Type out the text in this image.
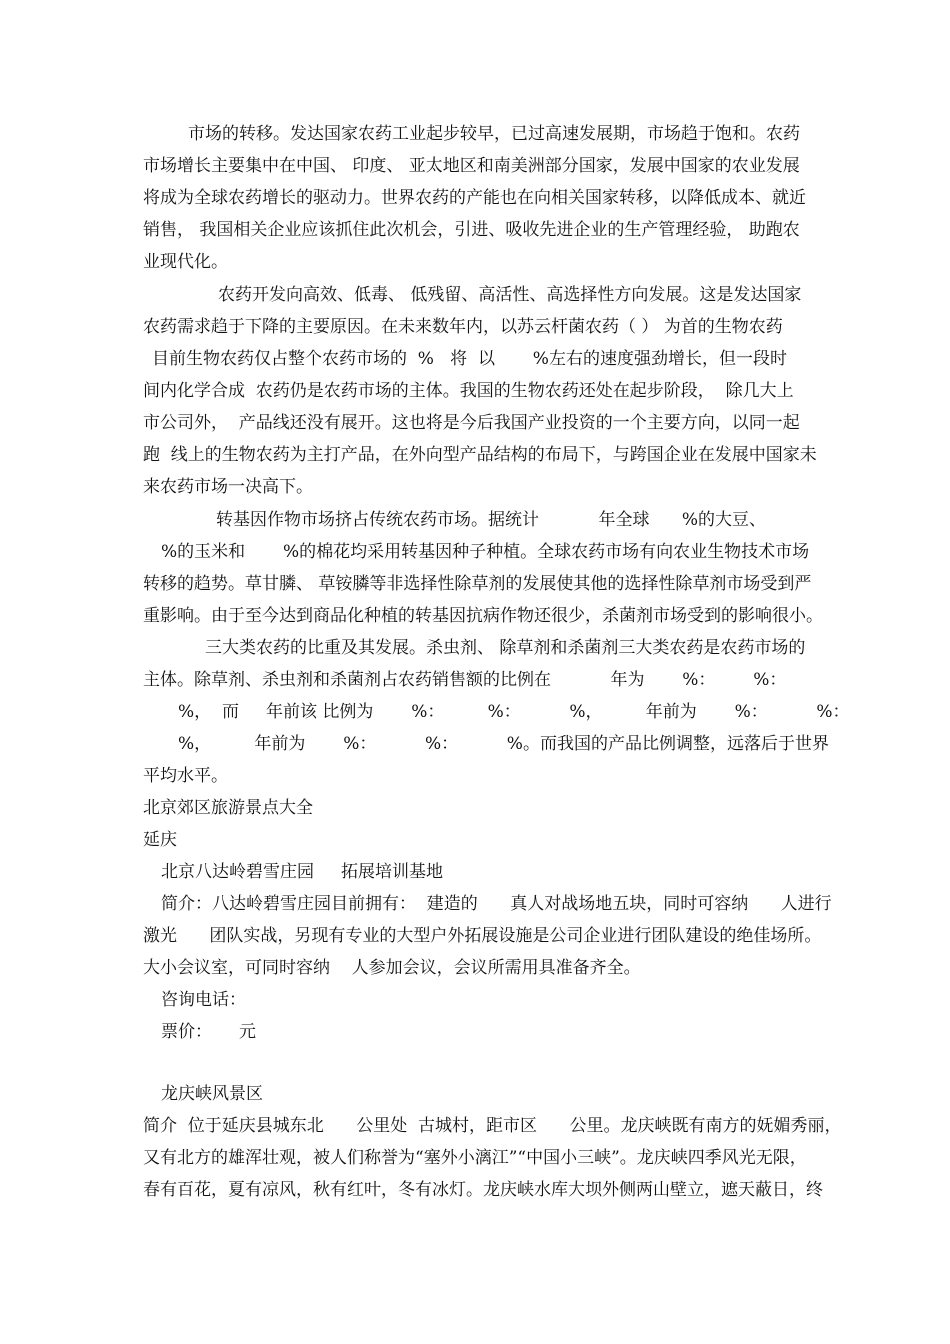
市场的转移。发达国家农药工业起步较早，已过高速发展期，市场趋于饱和。农药
市场增长主要集中在中国、 印度、 亚太地区和南美洲部分国家，发展中国家的农业发展
将成为全球农药增长的驱动力。世界农药的产能也在向相关国家转移，以降低成本、就近
销售， 我国相关企业应该抓住此次机会，引进、吸收先进企业的生产管理经验， 助跑农
业现代化。
农药开发向高效、低毒、 低残留、高活性、高选择性方向发展。这是发达国家
农药需求趋于下降的主要原因。在未来数年内，以苏云杆菌农药（ ） 为首的生物农药
目前生物农药仅占整个农药市场的  %   将  以       %左右的速度强劲增长，但一段时
间内化学合成  农药仍是农药市场的主体。我国的生物农药还处在起步阶段，  除几大上
市公司外，  产品线还没有展开。这也将是今后我国产业投资的一个主要方向，以同一起
跑  线上的生物农药为主打产品，在外向型产品结构的布局下，与跨国企业在发展中国家未
来农药市场一决高下。
转基因作物市场挤占传统农药市场。据统计           年全球      %的大豆、
%的玉米和       %的棉花均采用转基因种子种植。全球农药市场有向农业生物技术市场
转移的趋势。草甘膦、 草铵膦等非选择性除草剂的发展使其他的选择性除草剂市场受到严
重影响。由于至今达到商品化种植的转基因抗病作物还很少，杀菌剂市场受到的影响很小。
三大类农药的比重及其发展。杀虫剂、 除草剂和杀菌剂三大类农药是农药市场的
主体。除草剂、杀虫剂和杀菌剂占农药销售额的比例在           年为       %：       %：
%，  而     年前该 比例为       %：        %：         %，        年前为       %：         %：
%，        年前为       %：         %：         %。而我国的产品比例调整，远落后于世界
平均水平。
北京郊区旅游景点大全
延庆
北京八达岭碧雪庄园     拓展培训基地
简介：八达岭碧雪庄园目前拥有：  建造的      真人对战场地五块，同时可容纳      人进行
激光      团队实战，另现有专业的大型户外拓展设施是公司企业进行团队建设的绝佳场所。
大小会议室，可同时容纳    人参加会议，会议所需用具准备齐全。
咨询电话：
票价：     元
龙庆峡风景区
简介  位于延庆县城东北      公里处  古城村，距市区      公里。龙庆峡既有南方的妩媚秀丽，
又有北方的雄浑壮观，被人们称誉为“塞外小漓江”“中国小三峡”。龙庆峡四季风光无限，
春有百花，夏有凉风，秋有红叶，冬有冰灯。龙庆峡水库大坝外侧两山壁立，遮天蔽日，终
